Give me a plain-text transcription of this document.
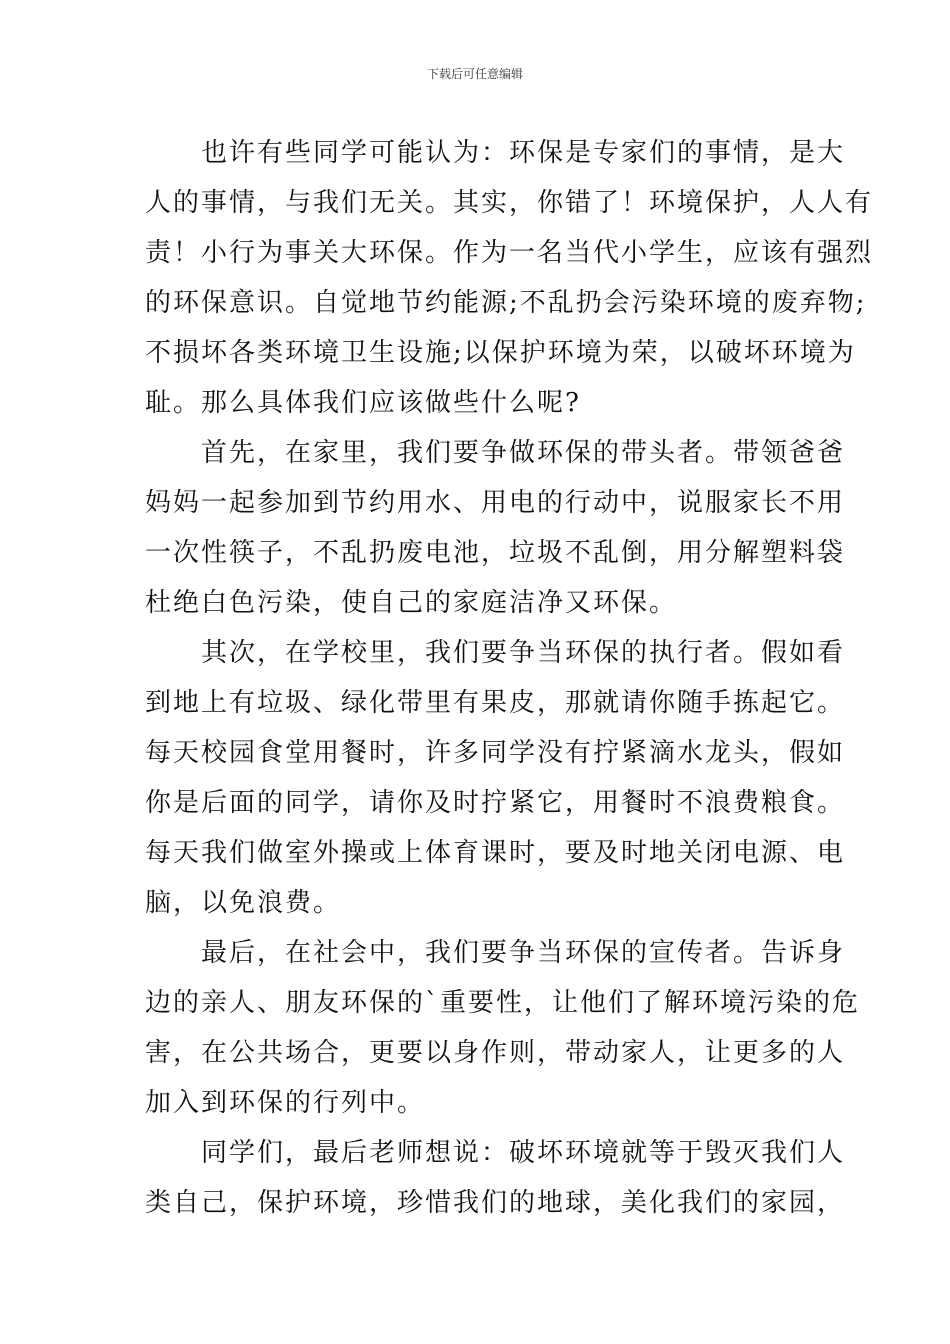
下载后可任意编辑

也许有些同学可能认为：环保是专家们的事情，是大
人的事情，与我们无关。其实，你错了！环境保护，人人有
责！小行为事关大环保。作为一名当代小学生，应该有强烈
的环保意识。自觉地节约能源;不乱扔会污染环境的废弃物;
不损坏各类环境卫生设施;以保护环境为荣，以破坏环境为
耻。那么具体我们应该做些什么呢?

首先，在家里，我们要争做环保的带头者。带领爸爸
妈妈一起参加到节约用水、用电的行动中，说服家长不用
一次性筷子，不乱扔废电池，垃圾不乱倒，用分解塑料袋
杜绝白色污染，使自己的家庭洁净又环保。

其次，在学校里，我们要争当环保的执行者。假如看
到地上有垃圾、绿化带里有果皮，那就请你随手拣起它。
每天校园食堂用餐时，许多同学没有拧紧滴水龙头，假如
你是后面的同学，请你及时拧紧它，用餐时不浪费粮食。
每天我们做室外操或上体育课时，要及时地关闭电源、电
脑，以免浪费。

最后，在社会中，我们要争当环保的宣传者。告诉身
边的亲人、朋友环保的`重要性，让他们了解环境污染的危
害，在公共场合，更要以身作则，带动家人，让更多的人
加入到环保的行列中。

同学们，最后老师想说：破坏环境就等于毁灭我们人
类自己，保护环境，珍惜我们的地球，美化我们的家园，
